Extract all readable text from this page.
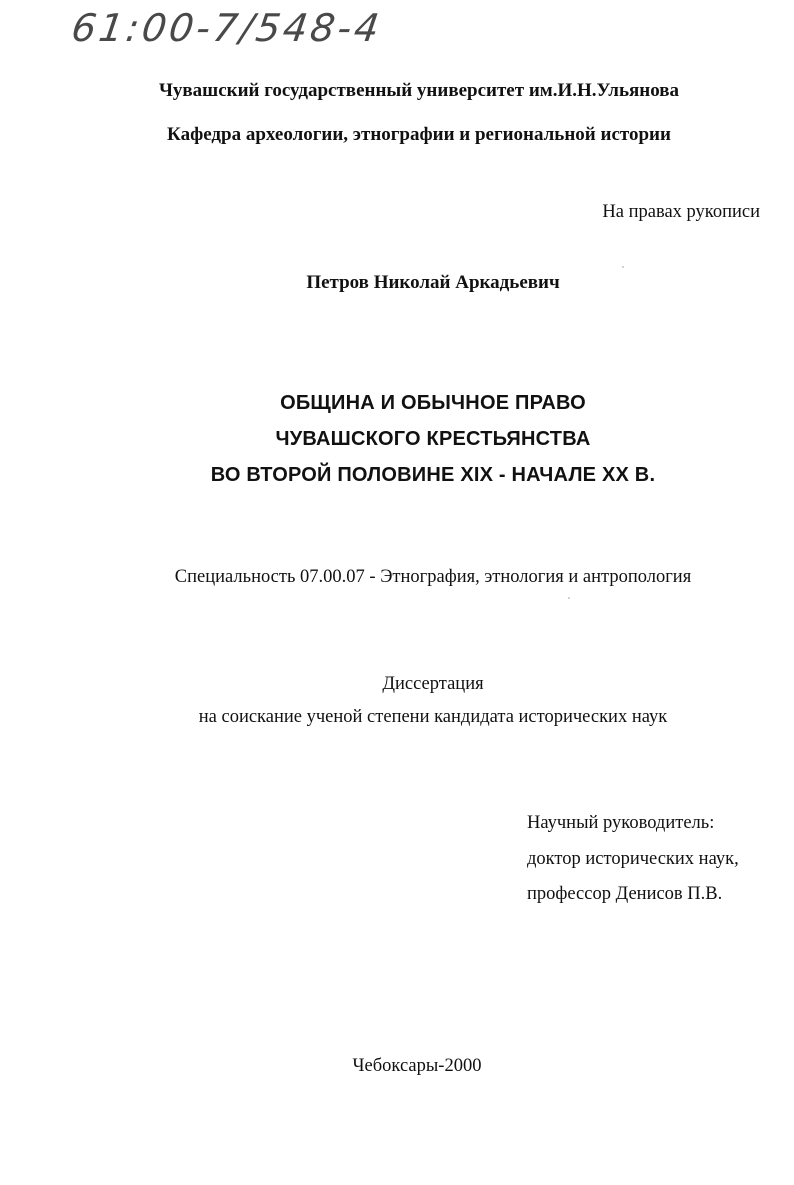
61:00-7/548-4
Чувашский государственный университет им.И.Н.Ульянова
Кафедра археологии, этнографии и региональной истории
На правах рукописи
Петров Николай Аркадьевич
ОБЩИНА И ОБЫЧНОЕ ПРАВО
ЧУВАШСКОГО КРЕСТЬЯНСТВА
ВО ВТОРОЙ ПОЛОВИНЕ XIX - НАЧАЛЕ XX В.
Специальность 07.00.07 - Этнография, этнология и антропология
Диссертация
на соискание ученой степени кандидата исторических наук
Научный руководитель:
доктор исторических наук,
профессор Денисов П.В.
Чебоксары-2000
